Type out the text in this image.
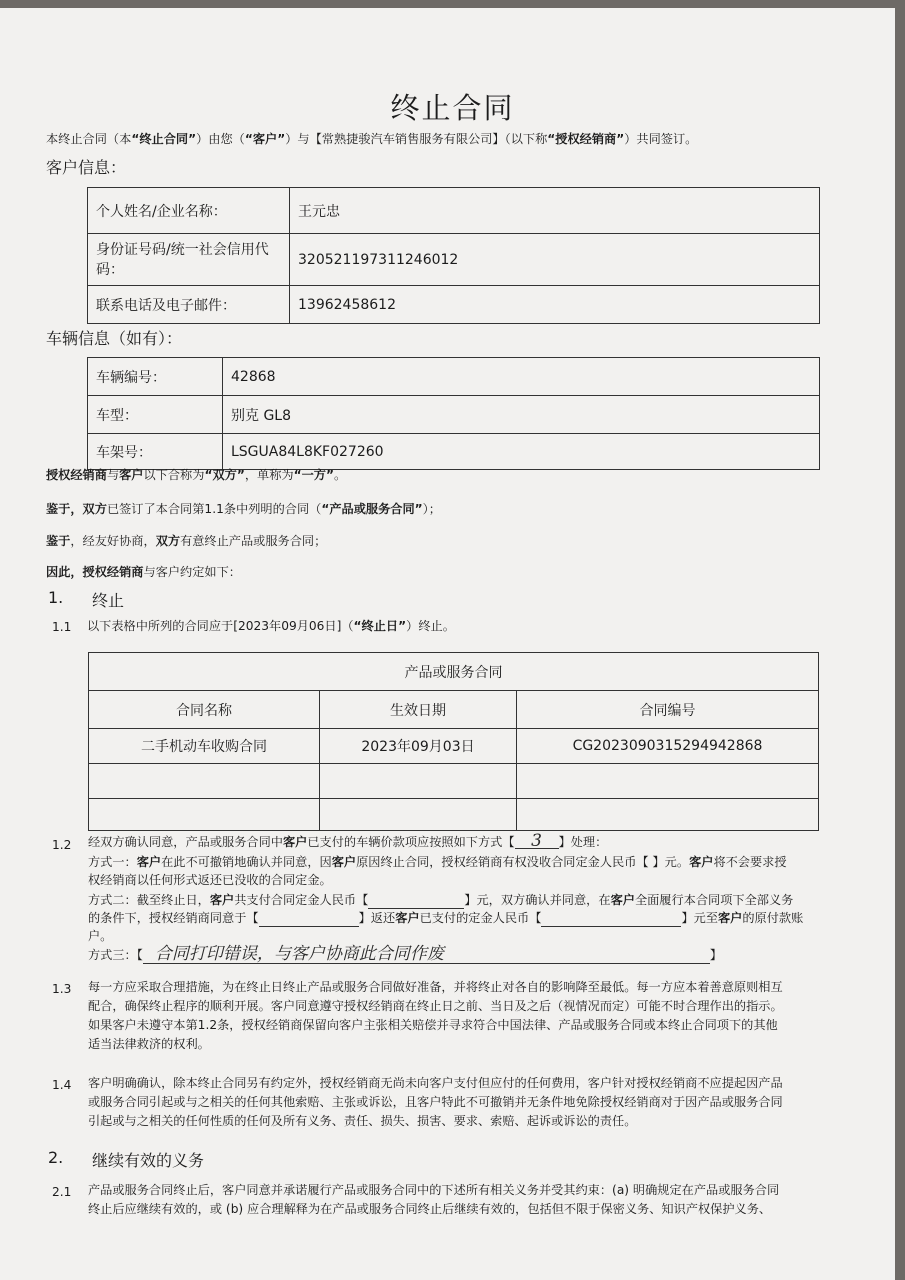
终止合同
本终止合同（本“终止合同”）由您（“客户”）与【常熟捷骏汽车销售服务有限公司】（以下称“授权经销商”）共同签订。
客户信息：
个人姓名/企业名称：	王元忠
身份证号码/统一社会信用代码：	320521197311246012
联系电话及电子邮件：	13962458612
车辆信息（如有）：
车辆编号：	42868
车型：	别克 GL8
车架号：	LSGUA84L8KF027260
授权经销商与客户以下合称为“双方”，单称为“一方”。
鉴于，双方已签订了本合同第1.1条中列明的合同（“产品或服务合同”）；
鉴于，经友好协商，双方有意终止产品或服务合同；
因此，授权经销商与客户约定如下：
1. 终止
1.1 以下表格中所列的合同应于[2023年09月06日]（“终止日”）终止。
产品或服务合同		
合同名称	生效日期	合同编号
二手机动车收购合同	2023年09月03日	CG2023090315294942868

1.2 经双方确认同意，产品或服务合同中客户已支付的车辆价款项应按照如下方式【 3 】处理：
方式一：客户在此不可撤销地确认并同意，因客户原因终止合同，授权经销商有权没收合同定金人民币【 】元。客户将不会要求授
权经销商以任何形式返还已没收的合同定金。
方式二：截至终止日，客户共支付合同定金人民币【	】元，双方确认并同意，在客户全面履行本合同项下全部义务
的条件下，授权经销商同意于【	】返还客户已支付的定金人民币【	】元至客户的原付款账
户。
方式三：【 合同打印错误，与客户协商此合同作废	】
1.3 每一方应采取合理措施，为在终止日终止产品或服务合同做好准备，并将终止对各自的影响降至最低。每一方应本着善意原则相互
配合，确保终止程序的顺利开展。客户同意遵守授权经销商在终止日之前、当日及之后（视情况而定）可能不时合理作出的指示。
如果客户未遵守本第1.2条，授权经销商保留向客户主张相关赔偿并寻求符合中国法律、产品或服务合同或本终止合同项下的其他
适当法律救济的权利。
1.4 客户明确确认，除本终止合同另有约定外，授权经销商无尚未向客户支付但应付的任何费用，客户针对授权经销商不应提起因产品
或服务合同引起或与之相关的任何其他索赔、主张或诉讼，且客户特此不可撤销并无条件地免除授权经销商对于因产品或服务合同
引起或与之相关的任何性质的任何及所有义务、责任、损失、损害、要求、索赔、起诉或诉讼的责任。
2. 继续有效的义务
2.1 产品或服务合同终止后，客户同意并承诺履行产品或服务合同中的下述所有相关义务并受其约束：(a) 明确规定在产品或服务合同
终止后应继续有效的，或 (b) 应合理解释为在产品或服务合同终止后继续有效的，包括但不限于保密义务、知识产权保护义务、
